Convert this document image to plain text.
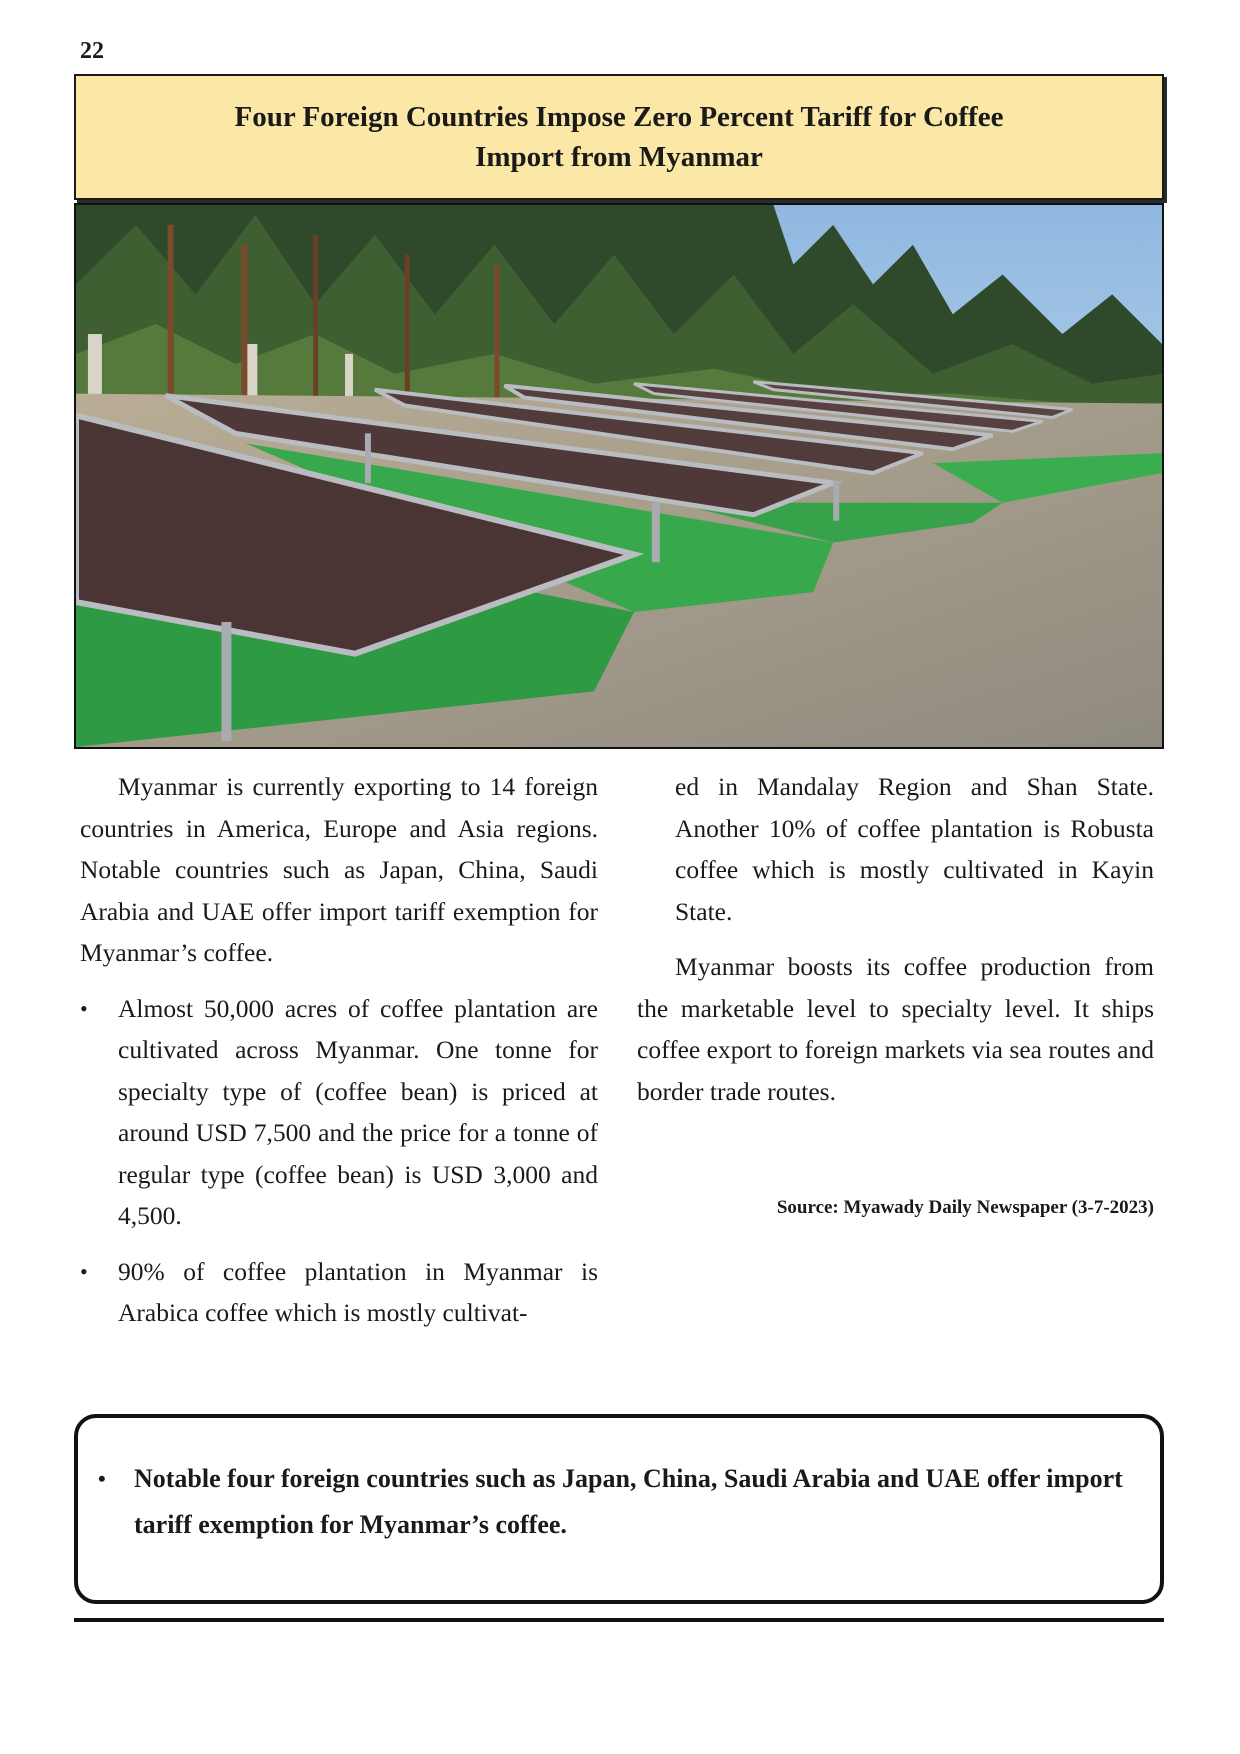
22
Four Foreign Countries Impose Zero Percent Tariff for Coffee Import from Myanmar

Myanmar is currently exporting to 14 foreign countries in America, Europe and Asia regions. Notable countries such as Japan, China, Saudi Arabia and UAE offer import tariff exemption for Myanmar’s coffee.

• Almost 50,000 acres of coffee plantation are cultivated across Myanmar. One tonne for specialty type of (coffee bean) is priced at around USD 7,500 and the price for a tonne of regular type (coffee bean) is USD 3,000 and 4,500.
• 90% of coffee plantation in Myanmar is Arabica coffee which is mostly cultivat-

ed in Mandalay Region and Shan State. Another 10% of coffee plantation is Robusta coffee which is mostly cultivated in Kayin State.

Myanmar boosts its coffee production from the marketable level to specialty level. It ships coffee export to foreign markets via sea routes and border trade routes.

Source: Myawady Daily Newspaper (3-7-2023)
• Notable four foreign countries such as Japan, China, Saudi Arabia and UAE offer import tariff exemption for Myanmar’s coffee.
